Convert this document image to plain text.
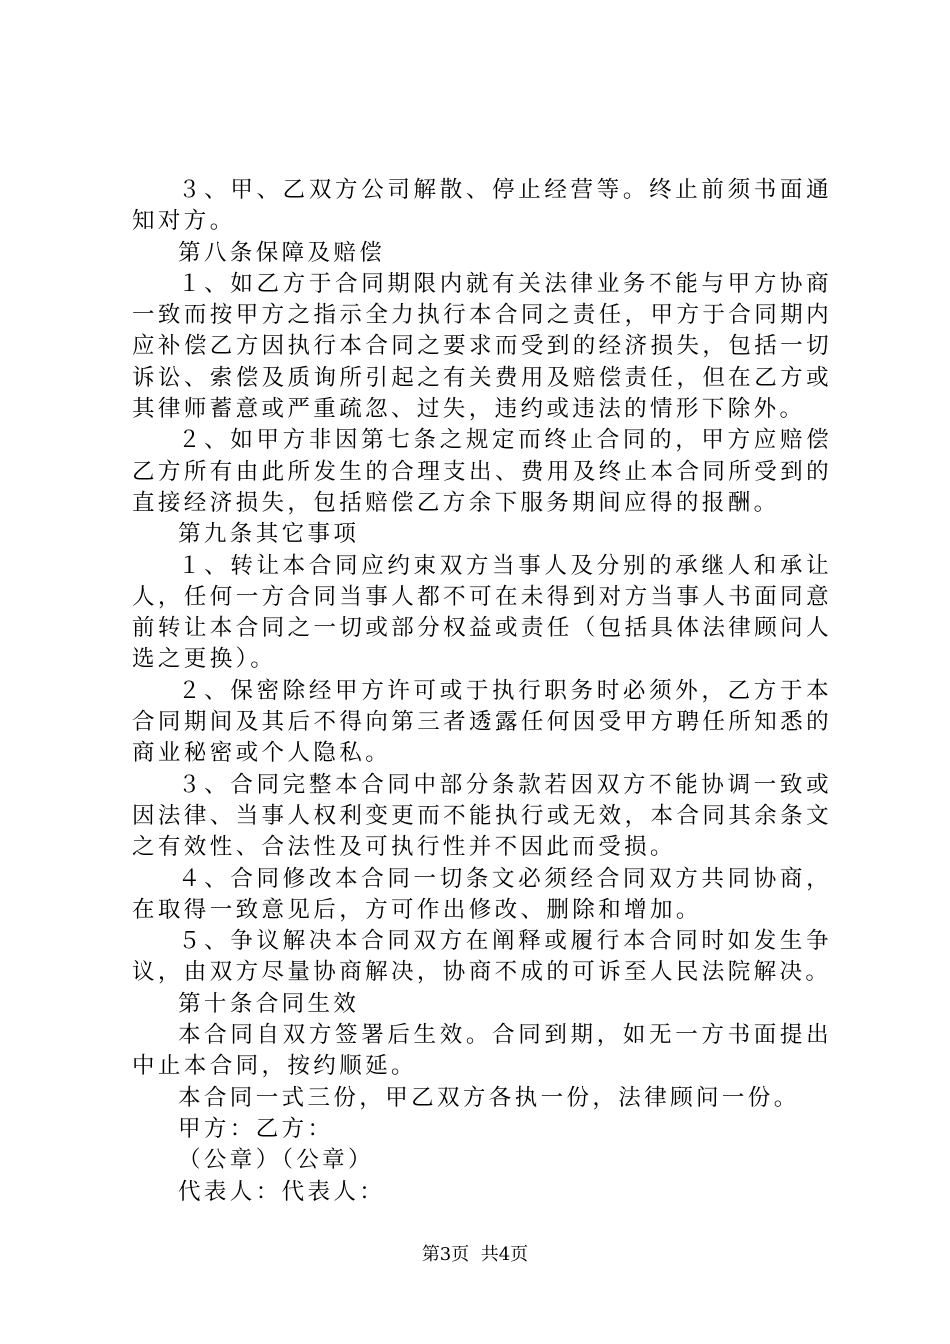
３、甲、乙双方公司解散、停止经营等。终止前须书面通知对方。

第八条保障及赔偿

１、如乙方于合同期限内就有关法律业务不能与甲方协商一致而按甲方之指示全力执行本合同之责任，甲方于合同期内应补偿乙方因执行本合同之要求而受到的经济损失，包括一切诉讼、索偿及质询所引起之有关费用及赔偿责任，但在乙方或其律师蓄意或严重疏忽、过失，违约或违法的情形下除外。

２、如甲方非因第七条之规定而终止合同的，甲方应赔偿乙方所有由此所发生的合理支出、费用及终止本合同所受到的直接经济损失，包括赔偿乙方余下服务期间应得的报酬。

第九条其它事项

１、转让本合同应约束双方当事人及分别的承继人和承让人，任何一方合同当事人都不可在未得到对方当事人书面同意前转让本合同之一切或部分权益或责任（包括具体法律顾问人选之更换）。

２、保密除经甲方许可或于执行职务时必须外，乙方于本合同期间及其后不得向第三者透露任何因受甲方聘任所知悉的商业秘密或个人隐私。

３、合同完整本合同中部分条款若因双方不能协调一致或因法律、当事人权利变更而不能执行或无效，本合同其余条文之有效性、合法性及可执行性并不因此而受损。

４、合同修改本合同一切条文必须经合同双方共同协商，在取得一致意见后，方可作出修改、删除和增加。

５、争议解决本合同双方在阐释或履行本合同时如发生争议，由双方尽量协商解决，协商不成的可诉至人民法院解决。

第十条合同生效

本合同自双方签署后生效。合同到期，如无一方书面提出中止本合同，按约顺延。

本合同一式三份，甲乙双方各执一份，法律顾问一份。

甲方：乙方：

（公章）（公章）

代表人：代表人：

第3页  共4页
